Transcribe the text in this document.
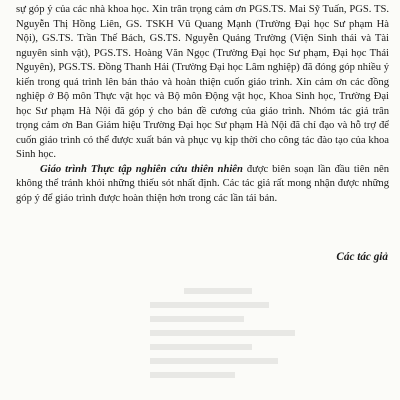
sự góp ý của các nhà khoa học. Xin trân trọng cảm ơn PGS.TS. Mai Sỹ Tuấn, PGS. TS. Nguyễn Thị Hồng Liên, GS. TSKH Vũ Quang Mạnh (Trường Đại học Sư phạm Hà Nội), GS.TS. Trần Thế Bách, GS.TS. Nguyễn Quảng Trường (Viện Sinh thái và Tài nguyên sinh vật), PGS.TS. Hoàng Văn Ngọc (Trường Đại học Sư phạm, Đại học Thái Nguyên), PGS.TS. Đồng Thanh Hải (Trường Đại học Lâm nghiệp) đã đóng góp nhiều ý kiến trong quá trình lên bản thảo và hoàn thiện cuốn giáo trình. Xin cảm ơn các đồng nghiệp ở Bộ môn Thực vật học và Bộ môn Động vật học, Khoa Sinh học, Trường Đại học Sư phạm Hà Nội đã góp ý cho bản đề cương của giáo trình. Nhóm tác giả trân trọng cảm ơn Ban Giám hiệu Trường Đại học Sư phạm Hà Nội đã chỉ đạo và hỗ trợ để cuốn giáo trình có thể được xuất bản và phục vụ kịp thời cho công tác đào tạo của khoa Sinh học.

Giáo trình Thực tập nghiên cứu thiên nhiên được biên soạn lần đầu tiên nên không thể tránh khỏi những thiếu sót nhất định. Các tác giả rất mong nhận được những góp ý để giáo trình được hoàn thiện hơn trong các lần tái bản.

Các tác giả
